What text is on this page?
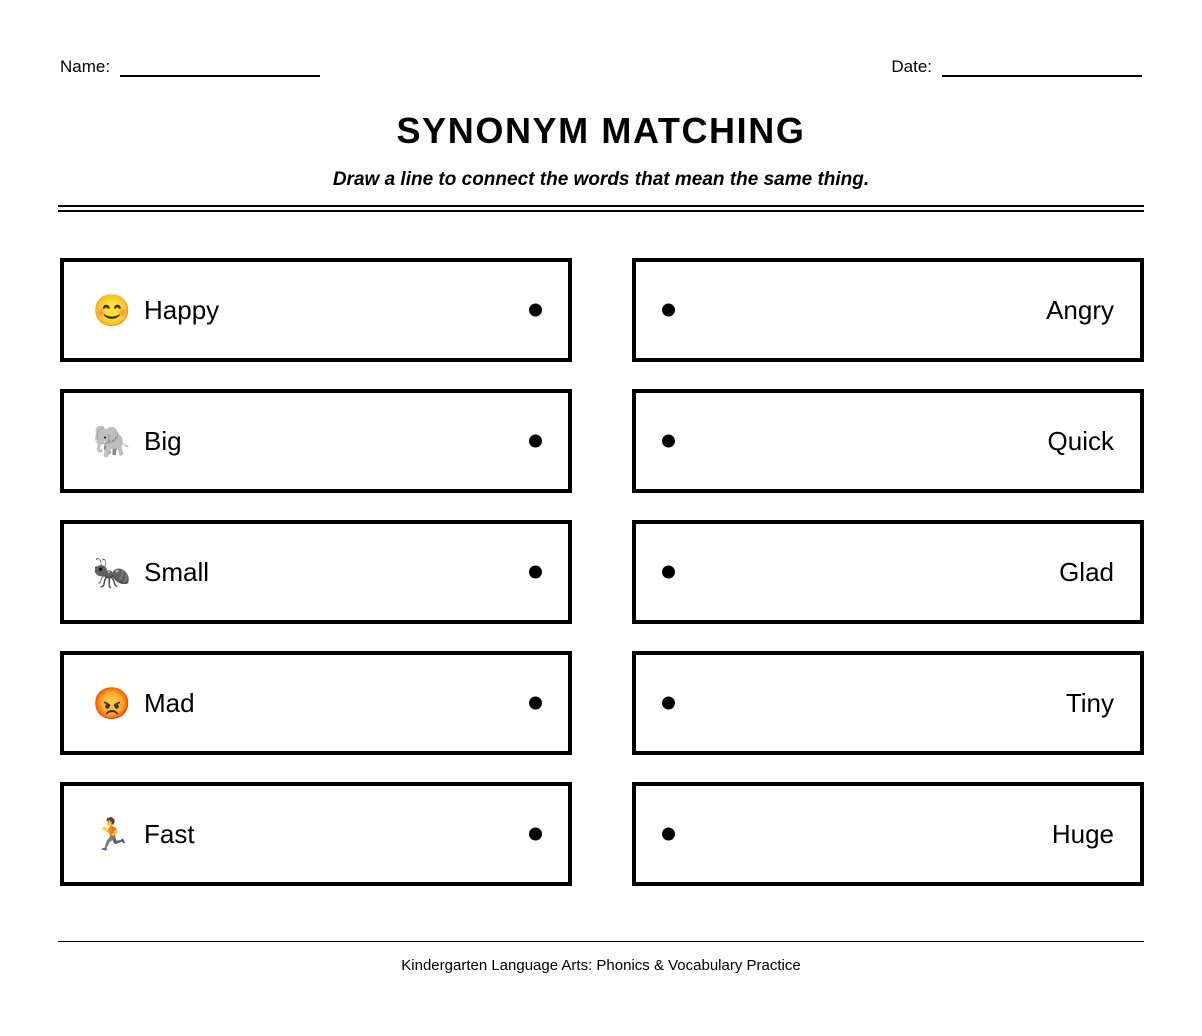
Name:	Date:
SYNONYM MATCHING
Draw a line to connect the words that mean the same thing.
😊 Happy
🐘 Big
🐜 Small
😡 Mad
🏃 Fast
Angry
Quick
Glad
Tiny
Huge
Kindergarten Language Arts: Phonics & Vocabulary Practice
